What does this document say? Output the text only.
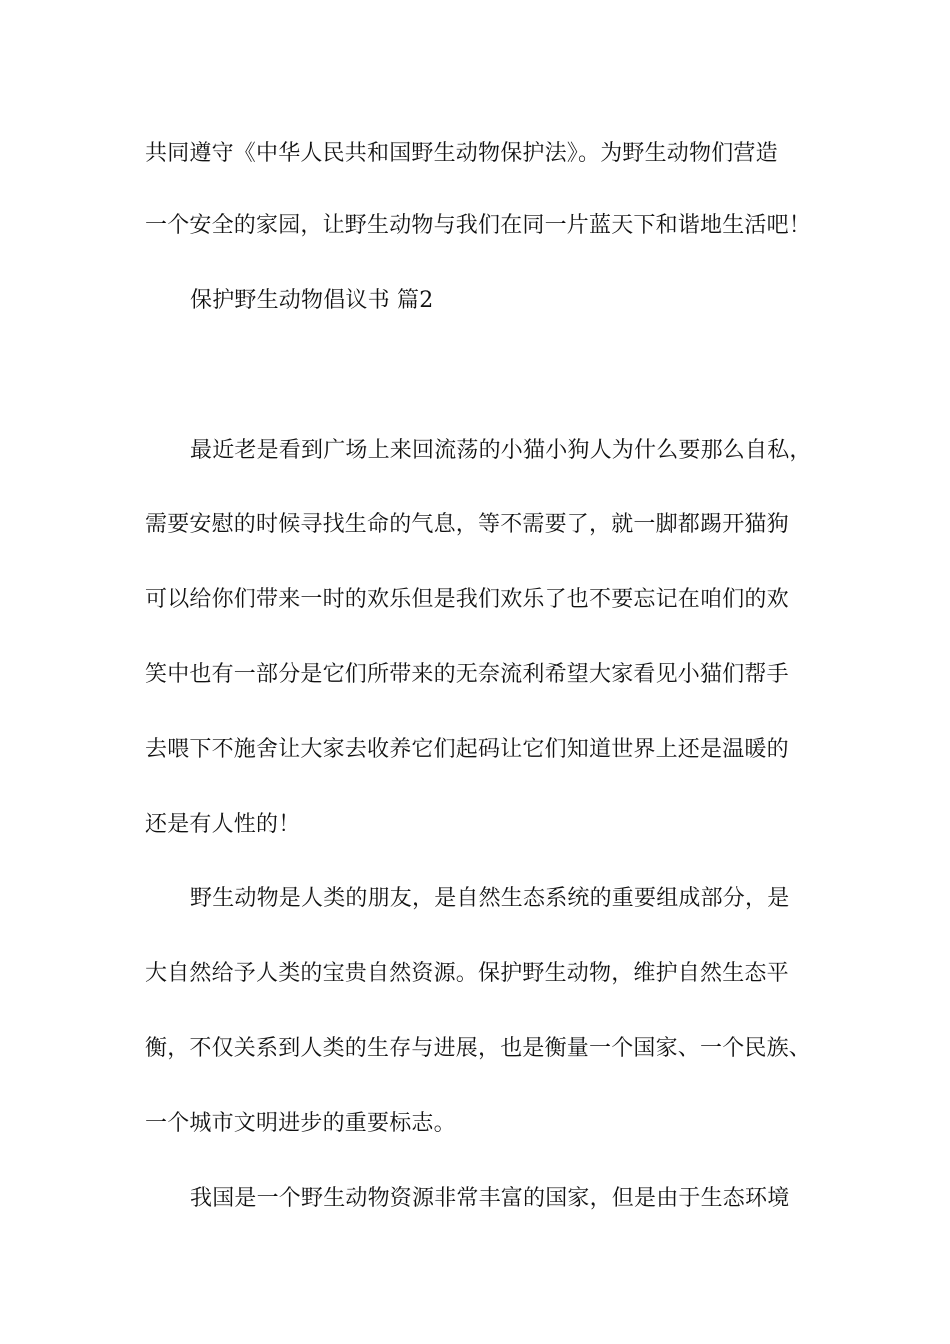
共同遵守《中华人民共和国野生动物保护法》。为野生动物们营造
一个安全的家园，让野生动物与我们在同一片蓝天下和谐地生活吧！
保护野生动物倡议书 篇2
最近老是看到广场上来回流荡的小猫小狗人为什么要那么自私，
需要安慰的时候寻找生命的气息，等不需要了，就一脚都踢开猫狗
可以给你们带来一时的欢乐但是我们欢乐了也不要忘记在咱们的欢
笑中也有一部分是它们所带来的无奈流利希望大家看见小猫们帮手
去喂下不施舍让大家去收养它们起码让它们知道世界上还是温暖的
还是有人性的！
野生动物是人类的朋友，是自然生态系统的重要组成部分，是
大自然给予人类的宝贵自然资源。保护野生动物，维护自然生态平
衡，不仅关系到人类的生存与进展，也是衡量一个国家、一个民族、
一个城市文明进步的重要标志。
我国是一个野生动物资源非常丰富的国家，但是由于生态环境
